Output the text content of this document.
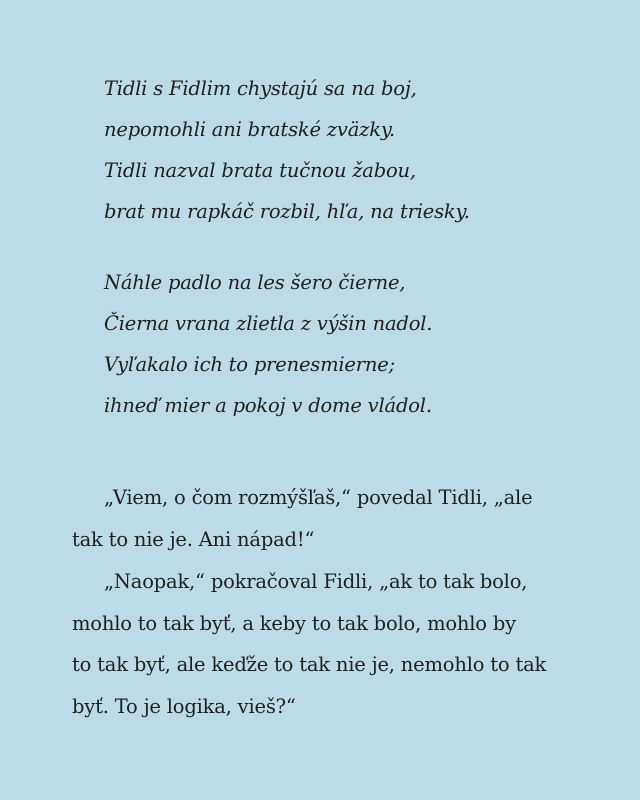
Tidli s Fidlim chystajú sa na boj,
nepomohli ani bratské zväzky.
Tidli nazval brata tučnou žabou,
brat mu rapkáč rozbil, hľa, na triesky.
Náhle padlo na les šero čierne,
Čierna vrana zlietla z výšin nadol.
Vyľakalo ich to prenesmierne;
ihneď mier a pokoj v dome vládol.
„Viem, o čom rozmýšľaš,“ povedal Tidli, „ale
tak to nie je. Ani nápad!“
„Naopak,“ pokračoval Fidli, „ak to tak bolo,
mohlo to tak byť, a keby to tak bolo, mohlo by
to tak byť, ale keďže to tak nie je, nemohlo to tak
byť. To je logika, vieš?“
